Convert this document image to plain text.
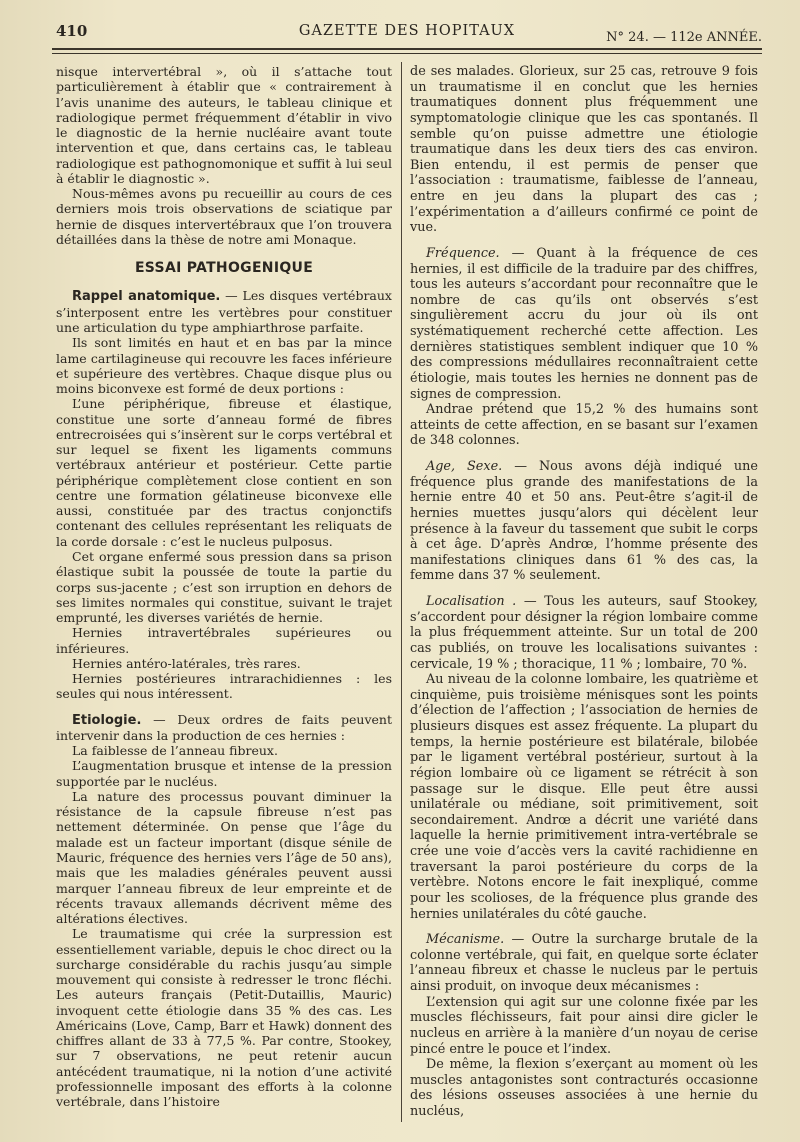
410	GAZETTE DES HOPITAUX	N° 24. — 112e ANNÉE.

nisque intervertébral », où il s’attache tout particulièrement à établir que « contrairement à l’avis unanime des auteurs, le tableau clinique et radiologique permet fréquemment d’établir in vivo le diagnostic de la hernie nucléaire avant toute intervention et que, dans certains cas, le tableau radiologique est pathognomonique et suffit à lui seul à établir le diagnostic ».

Nous-mêmes avons pu recueillir au cours de ces derniers mois trois observations de sciatique par hernie de disques intervertébraux que l’on trouvera détaillées dans la thèse de notre ami Monaque.

ESSAI PATHOGENIQUE

Rappel anatomique. — Les disques vertébraux s’interposent entre les vertèbres pour constituer une articulation du type amphiarthrose parfaite.

Ils sont limités en haut et en bas par la mince lame cartilagineuse qui recouvre les faces inférieure et supérieure des vertèbres. Chaque disque plus ou moins biconvexe est formé de deux portions :

L’une périphérique, fibreuse et élastique, constitue une sorte d’anneau formé de fibres entrecroisées qui s’insèrent sur le corps vertébral et sur lequel se fixent les ligaments communs vertébraux antérieur et postérieur. Cette partie périphérique complètement close contient en son centre une formation gélatineuse biconvexe elle aussi, constituée par des tractus conjonctifs contenant des cellules représentant les reliquats de la corde dorsale : c’est le nucleus pulposus.

Cet organe enfermé sous pression dans sa prison élastique subit la poussée de toute la partie du corps sus-jacente ; c’est son irruption en dehors de ses limites normales qui constitue, suivant le trajet emprunté, les diverses variétés de hernie.

Hernies intravertébrales supérieures ou inférieures.

Hernies antéro-latérales, très rares.

Hernies postérieures intrarachidiennes : les seules qui nous intéressent.

Etiologie. — Deux ordres de faits peuvent intervenir dans la production de ces hernies :

La faiblesse de l’anneau fibreux.

L’augmentation brusque et intense de la pression supportée par le nucléus.

La nature des processus pouvant diminuer la résistance de la capsule fibreuse n’est pas nettement déterminée. On pense que l’âge du malade est un facteur important (disque sénile de Mauric, fréquence des hernies vers l’âge de 50 ans), mais que les maladies générales peuvent aussi marquer l’anneau fibreux de leur empreinte et de récents travaux allemands décrivent même des altérations électives.

Le traumatisme qui crée la surpression est essentiellement variable, depuis le choc direct ou la surcharge considérable du rachis jusqu’au simple mouvement qui consiste à redresser le tronc fléchi. Les auteurs français (Petit-Dutaillis, Mauric) invoquent cette étiologie dans 35 % des cas. Les Américains (Love, Camp, Barr et Hawk) donnent des chiffres allant de 33 à 77,5 %. Par contre, Stookey, sur 7 observations, ne peut retenir aucun antécédent traumatique, ni la notion d’une activité professionnelle imposant des efforts à la colonne vertébrale, dans l’histoire

de ses malades. Glorieux, sur 25 cas, retrouve 9 fois un traumatisme il en conclut que les hernies traumatiques donnent plus fréquemment une symptomatologie clinique que les cas spontanés. Il semble qu’on puisse admettre une étiologie traumatique dans les deux tiers des cas environ. Bien entendu, il est permis de penser que l’association : traumatisme, faiblesse de l’anneau, entre en jeu dans la plupart des cas ; l’expérimentation a d’ailleurs confirmé ce point de vue.

Fréquence. — Quant à la fréquence de ces hernies, il est difficile de la traduire par des chiffres, tous les auteurs s’accordant pour reconnaître que le nombre de cas qu’ils ont observés s’est singulièrement accru du jour où ils ont systématiquement recherché cette affection. Les dernières statistiques semblent indiquer que 10 % des compressions médullaires reconnaîtraient cette étiologie, mais toutes les hernies ne donnent pas de signes de compression.

Andrae prétend que 15,2 % des humains sont atteints de cette affection, en se basant sur l’examen de 348 colonnes.

Age, Sexe. — Nous avons déjà indiqué une fréquence plus grande des manifestations de la hernie entre 40 et 50 ans. Peut-être s’agit-il de hernies muettes jusqu’alors qui décèlent leur présence à la faveur du tassement que subit le corps à cet âge. D’après Andrœ, l’homme présente des manifestations cliniques dans 61 % des cas, la femme dans 37 % seulement.

Localisation . — Tous les auteurs, sauf Stookey, s’accordent pour désigner la région lombaire comme la plus fréquemment atteinte. Sur un total de 200 cas publiés, on trouve les localisations suivantes : cervicale, 19 % ; thoracique, 11 % ; lombaire, 70 %.

Au niveau de la colonne lombaire, les quatrième et cinquième, puis troisième ménisques sont les points d’élection de l’affection ; l’association de hernies de plusieurs disques est assez fréquente. La plupart du temps, la hernie postérieure est bilatérale, bilobée par le ligament vertébral postérieur, surtout à la région lombaire où ce ligament se rétrécit à son passage sur le disque. Elle peut être aussi unilatérale ou médiane, soit primitivement, soit secondairement. Andrœ a décrit une variété dans laquelle la hernie primitivement intra-vertébrale se crée une voie d’accès vers la cavité rachidienne en traversant la paroi postérieure du corps de la vertèbre. Notons encore le fait inexpliqué, comme pour les scolioses, de la fréquence plus grande des hernies unilatérales du côté gauche.

Mécanisme. — Outre la surcharge brutale de la colonne vertébrale, qui fait, en quelque sorte éclater l’anneau fibreux et chasse le nucleus par le pertuis ainsi produit, on invoque deux mécanismes :

L’extension qui agit sur une colonne fixée par les muscles fléchisseurs, fait pour ainsi dire gicler le nucleus en arrière à la manière d’un noyau de cerise pincé entre le pouce et l’index.

De même, la flexion s’exerçant au moment où les muscles antagonistes sont contracturés occasionne des lésions osseuses associées à une hernie du nucléus,
